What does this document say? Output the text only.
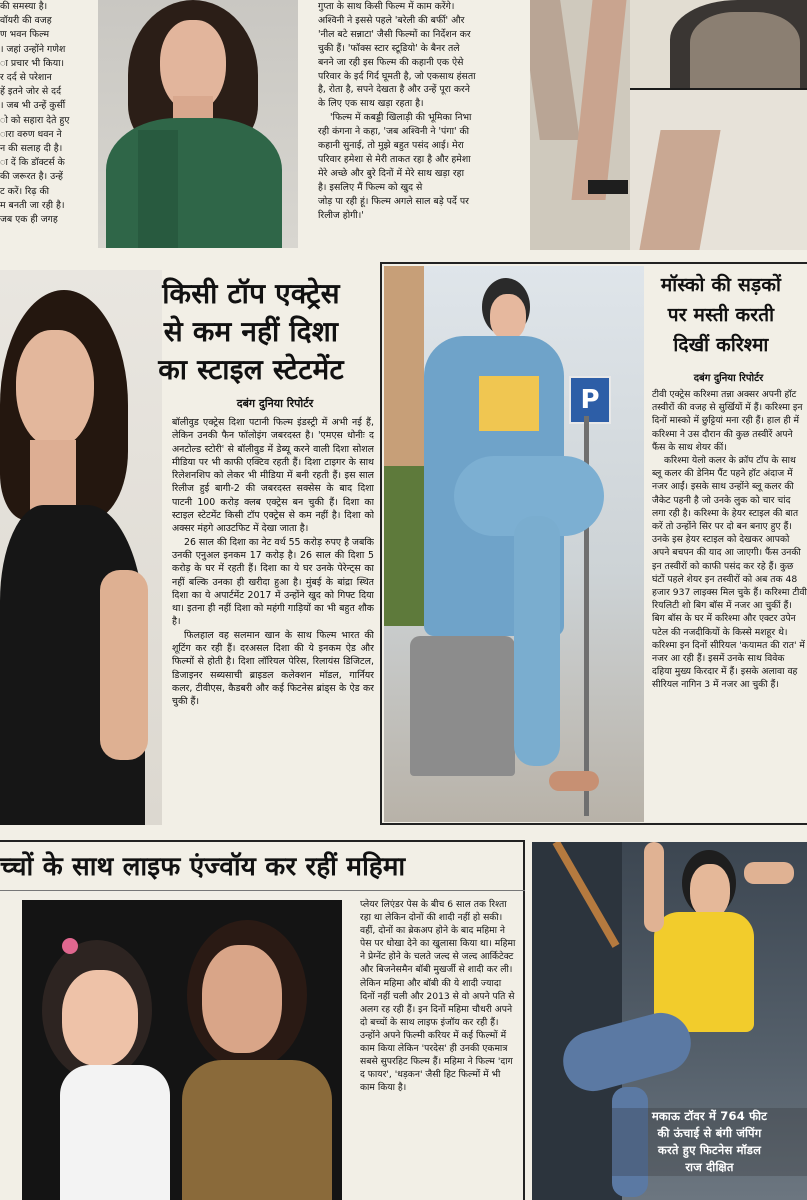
की समस्या है।
वॉयरी की वजह
ण भवन फिल्म
। जहां उन्होंने गणेश
ा प्रचार भी किया।
र दर्द से परेशान
हें इतने जोर से दर्द
। जब भी उन्हें कुर्सी
ो को सहारा देते हुए
ारा वरुण धवन ने
न की सलाह दी है।
ा दें कि डॉक्टर्स के
की जरूरत है। उन्हें
ट करें। रिढ़ की
म बनती जा रही है।
जब एक ही जगह
गुप्ता के साथ किसी फिल्म में काम करेंगे।
अश्विनी ने इससे पहले 'बरेली की बर्फी' और
'नील बटे सन्नाटा' जैसी फिल्मों का निर्देशन कर
चुकी हैं। 'फॉक्स स्टार स्टूडियो' के बैनर तले
बनने जा रही इस फिल्म की कहानी एक ऐसे
परिवार के इर्द गिर्द घूमती है, जो एकसाथ हंसता
है, रोता है, सपने देखता है और उन्हें पूरा करने
के लिए एक साथ खड़ा रहता है।
'फिल्म में कबड्डी खिलाड़ी की भूमिका निभा
रही कंगना ने कहा, 'जब अश्विनी ने 'पंगा' की
कहानी सुनाई, तो मुझे बहुत पसंद आई। मेरा
परिवार हमेशा से मेरी ताकत रहा है और हमेशा
मेरे अच्छे और बुरे दिनों में मेरे साथ खड़ा रहा
है। इसलिए मैं फिल्म को खुद से
जोड़ पा रही हूं। फिल्म अगले साल बड़े पर्दे पर
रिलीज होगी।'
किसी टॉप एक्ट्रेस
से कम नहीं दिशा
का स्टाइल स्टेटमेंट
दबंग दुनिया रिपोर्टर

बॉलीवुड एक्ट्रेस दिशा पटानी फिल्म इंडस्ट्री में अभी नई हैं, लेकिन उनकी फैन फॉलोइंग जबरदस्त है। 'एमएस धोनीः द अनटोल्ड स्टोरी' से बॉलीवुड में डेब्यू करने वाली दिशा सोशल मीडिया पर भी काफी एक्टिव रहती हैं। दिशा टाइगर के साथ रिलेशनशिप को लेकर भी मीडिया में बनी रहती हैं। इस साल रिलीज हुई बागी-2 की जबरदस्त सक्सेस के बाद दिशा पाटनी 100 करोड़ क्लब एक्ट्रेस बन चुकी हैं। दिशा का स्टाइल स्टेटमेंट किसी टॉप एक्ट्रेस से कम नहीं है। दिशा को अक्सर मंहगे आउटफिट में देखा जाता है।

26 साल की दिशा का नेट वर्थ 55 करोड़ रुपए है जबकि उनकी एनुअल इनकम 17 करोड़ है। 26 साल की दिशा 5 करोड़ के घर में रहती हैं। दिशा का ये घर उनके पेरेन्ट्स का नहीं बल्कि उनका ही खरीदा हुआ है। मुंबई के बांद्रा स्थित दिशा का ये अपार्टमेंट 2017 में उन्होंने खुद को गिफ्ट दिया था। इतना ही नहीं दिशा को महंगी गाड़ियों का भी बहुत शौक है।

फिलहाल वह सलमान खान के साथ फिल्म भारत की शूटिंग कर रही हैं। दरअसल दिशा की ये इनकम ऐड और फिल्मों से होती है। दिशा लॉरियल पेरिस, रिलायंस डिजिटल, डिजाइनर सब्यसाची ब्राइडल कलेक्शन मॉडल, गार्नियर कलर, टीवीएस, कैडबरी और कई फिटनेस ब्रांड्स के ऐड कर चुकी हैं।

P
मॉस्को की सड़कों
पर मस्ती करती
दिखीं करिश्मा
दबंग दुनिया रिपोर्टर

टीवी एक्ट्रेस करिश्मा तन्ना अक्सर अपनी हॉट तस्वीरों की वजह से सुर्खियों में हैं। करिश्मा इन दिनों मास्को में छुट्टियां मना रही हैं। हाल ही में करिश्मा ने उस दौरान की कुछ तस्वीरें अपने फैंस के साथ शेयर कीं।

करिश्मा येलो कलर के क्रॉप टॉप के साथ ब्लू कलर की डेनिम पैंट पहने हॉट अंदाज में नजर आईं। इसके साथ उन्होंने ब्लू कलर की जैकेट पहनी है जो उनके लुक को चार चांद लगा रही है। करिश्मा के हेयर स्टाइल की बात करें तो उन्होंने सिर पर दो बन बनाए हुए हैं। उनके इस हेयर स्टाइल को देखकर आपको अपने बचपन की याद आ जाएगी। फैंस उनकी इन तस्वीरों को काफी पसंद कर रहे हैं। कुछ घंटों पहले शेयर इन तस्वीरों को अब तक 48 हजार 937 लाइक्स मिल चुके हैं। करिश्मा टीवी रियलिटी शो बिग बॉस में नजर आ चुकीं हैं। बिग बॉस के घर में करिश्मा और एक्टर उपेन पटेल की नजदीकियों के किस्से मशहूर थे। करिश्मा इन दिनों सीरियल 'कयामत की रात' में नजर आ रही हैं। इसमें उनके साथ विवेक दहिया मुख्य किरदार में हैं। इसके अलावा वह सीरियल नागिन 3 में नजर आ चुकी हैं।

च्चों के साथ लाइफ एंज्वॉय कर रहीं महिमा

प्लेयर लिएंडर पेस के बीच 6 साल तक रिश्ता रहा था लेकिन दोनों की शादी नहीं हो सकी। वहीं, दोनों का ब्रेकअप होने के बाद महिमा ने पेस पर धोखा देने का खुलासा किया था। महिमा ने प्रेग्नेंट होने के चलते जल्द से जल्द आर्किटेक्ट और बिजनेसमैन बॉबी मुखर्जी से शादी कर ली। लेकिन महिमा और बॉबी की ये शादी ज्यादा दिनों नहीं चली और 2013 से वो अपने पति से अलग रह रही हैं। इन दिनों महिमा चौधरी अपने दो बच्चों के साथ लाइफ इंजॉय कर रही हैं। उन्होंने अपने फिल्मी करियर में कई फिल्मों में काम किया लेकिन 'परदेस' ही उनकी एकमात्र सबसे सुपरहिट फिल्म हैं। महिमा ने फिल्म 'दाग द फायर', 'धड़कन' जैसी हिट फिल्मों में भी काम किया है।

मकाऊ टॉवर में 764 फीट
की ऊंचाई से बंगी जंपिंग
करते हुए फिटनेस मॉडल
राज दीक्षित
